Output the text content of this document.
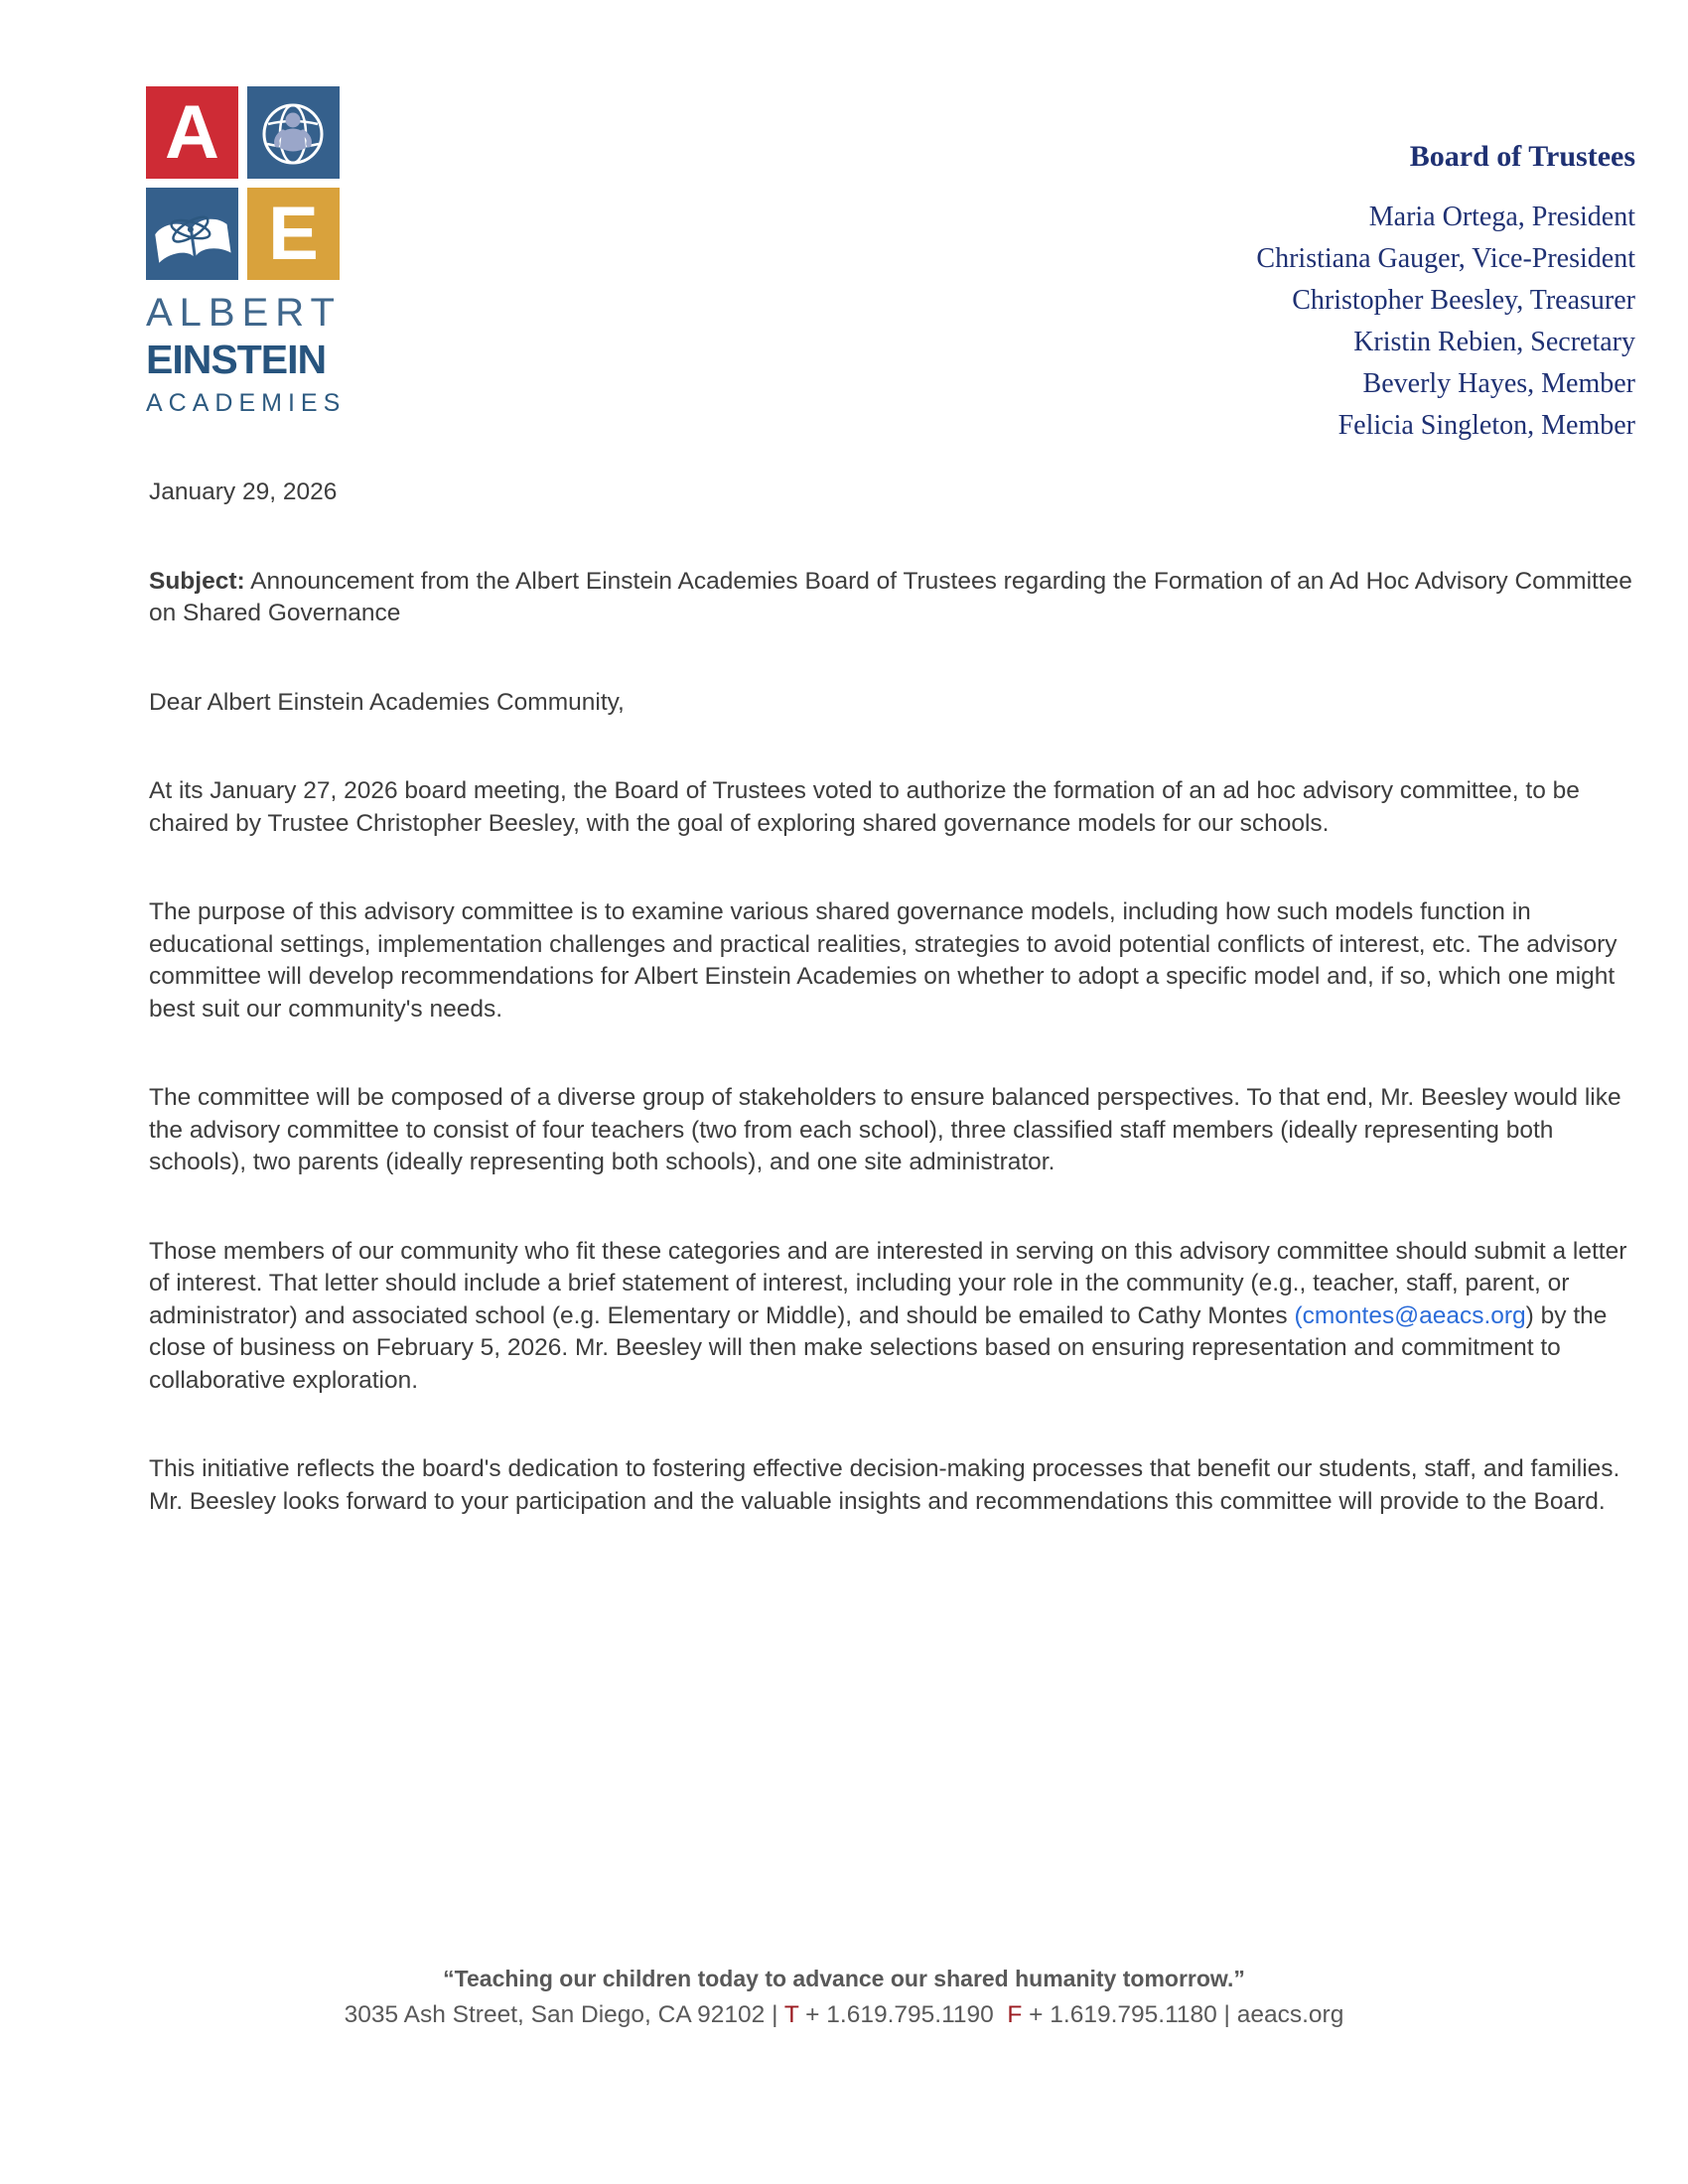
A
E
ALBERT
EINSTEIN
ACADEMIES
Board of Trustees
Maria Ortega, President
Christiana Gauger, Vice-President
Christopher Beesley, Treasurer
Kristin Rebien, Secretary
Beverly Hayes, Member
Felicia Singleton, Member

January 29, 2026

Subject: Announcement from the Albert Einstein Academies Board of Trustees regarding the Formation of an Ad Hoc Advisory Committee on Shared Governance

Dear Albert Einstein Academies Community,

At its January 27, 2026 board meeting, the Board of Trustees voted to authorize the formation of an ad hoc advisory committee, to be chaired by Trustee Christopher Beesley, with the goal of exploring shared governance models for our schools.

The purpose of this advisory committee is to examine various shared governance models, including how such models function in educational settings, implementation challenges and practical realities, strategies to avoid potential conflicts of interest, etc. The advisory committee will develop recommendations for Albert Einstein Academies on whether to adopt a specific model and, if so, which one might best suit our community's needs.

The committee will be composed of a diverse group of stakeholders to ensure balanced perspectives. To that end, Mr. Beesley would like the advisory committee to consist of four teachers (two from each school), three classified staff members (ideally representing both schools), two parents (ideally representing both schools), and one site administrator.

Those members of our community who fit these categories and are interested in serving on this advisory committee should submit a letter of interest. That letter should include a brief statement of interest, including your role in the community (e.g., teacher, staff, parent, or administrator) and associated school (e.g. Elementary or Middle), and should be emailed to Cathy Montes (cmontes@aeacs.org) by the close of business on February 5, 2026. Mr. Beesley will then make selections based on ensuring representation and commitment to collaborative exploration.

This initiative reflects the board's dedication to fostering effective decision-making processes that benefit our students, staff, and families. Mr. Beesley looks forward to your participation and the valuable insights and recommendations this committee will provide to the Board.

“Teaching our children today to advance our shared humanity tomorrow.”
3035 Ash Street, San Diego, CA 92102 | T + 1.619.795.1190  F + 1.619.795.1180 | aeacs.org
